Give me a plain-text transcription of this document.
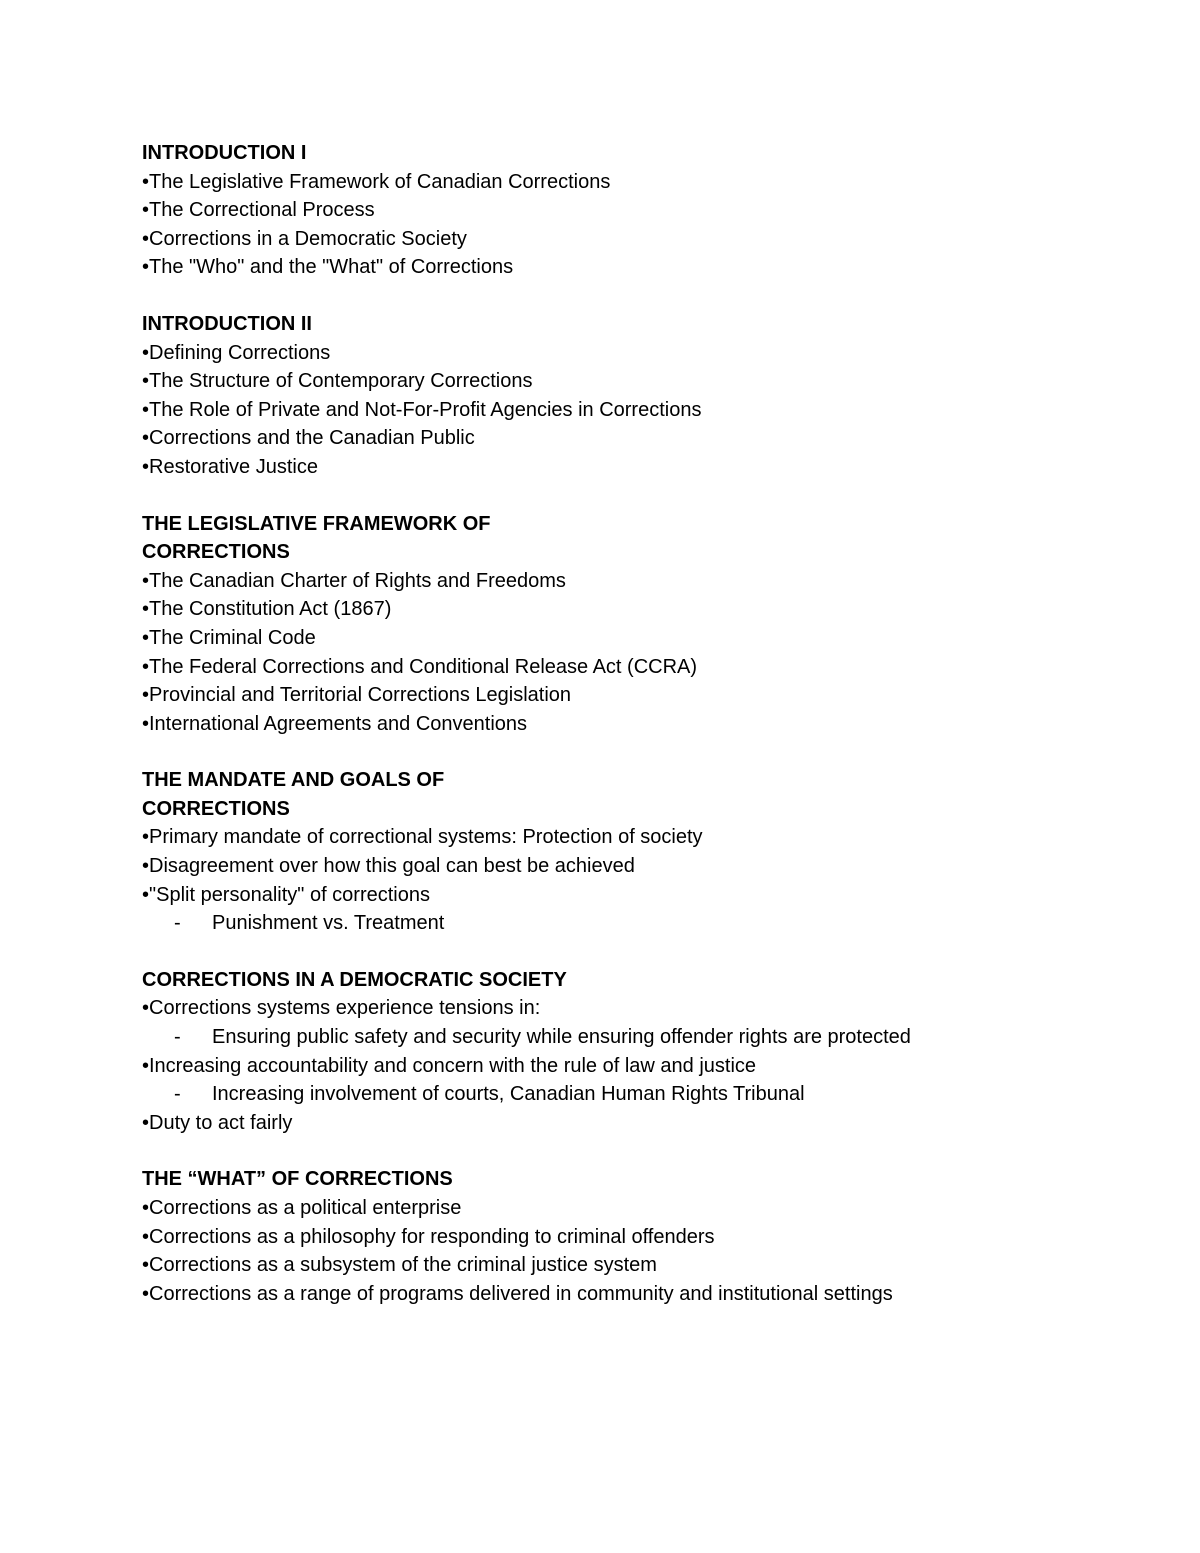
INTRODUCTION I
•The Legislative Framework of Canadian Corrections
•The Correctional Process
•Corrections in a Democratic Society
•The "Who" and the "What" of Corrections
INTRODUCTION II
•Defining Corrections
•The Structure of Contemporary Corrections
•The Role of Private and Not-For-Profit Agencies in Corrections
•Corrections and the Canadian Public
•Restorative Justice
THE LEGISLATIVE FRAMEWORK OF
CORRECTIONS
•The Canadian Charter of Rights and Freedoms
•The Constitution Act (1867)
•The Criminal Code
•The Federal Corrections and Conditional Release Act (CCRA)
•Provincial and Territorial Corrections Legislation
•International Agreements and Conventions
THE MANDATE AND GOALS OF
CORRECTIONS
•Primary mandate of correctional systems: Protection of society
•Disagreement over how this goal can best be achieved
•"Split personality" of corrections
- Punishment vs. Treatment
CORRECTIONS IN A DEMOCRATIC SOCIETY
•Corrections systems experience tensions in:
- Ensuring public safety and security while ensuring offender rights are protected
•Increasing accountability and concern with the rule of law and justice
- Increasing involvement of courts, Canadian Human Rights Tribunal
•Duty to act fairly
THE “WHAT” OF CORRECTIONS
•Corrections as a political enterprise
•Corrections as a philosophy for responding to criminal offenders
•Corrections as a subsystem of the criminal justice system
•Corrections as a range of programs delivered in community and institutional settings
